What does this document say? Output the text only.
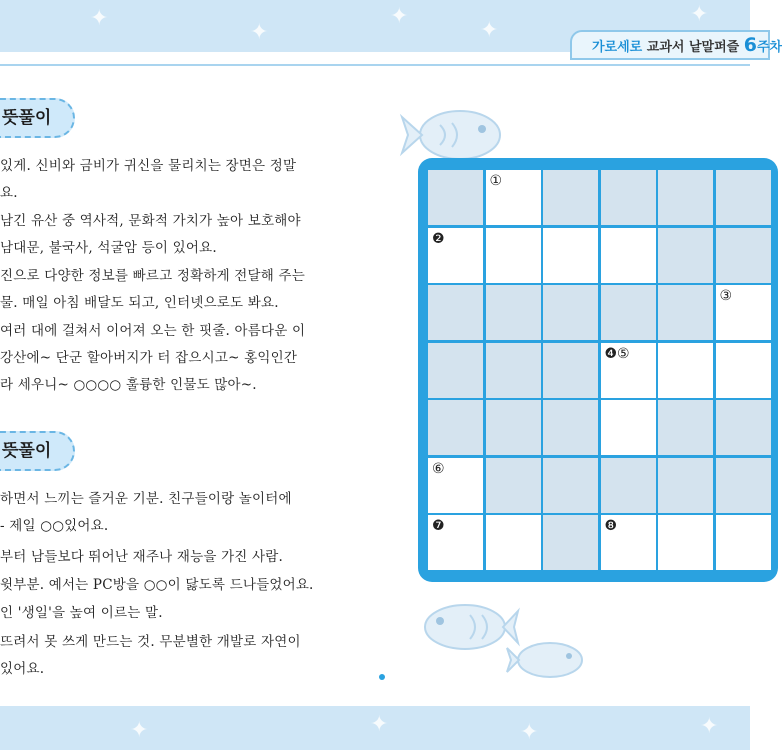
✦
✦
✦
✦
✦
가로세로 교과서 낱말퍼즐 6주차
뜻풀이
있게. 신비와 금비가 귀신을 물리치는 장면은 정말
요.
남긴 유산 중 역사적, 문화적 가치가 높아 보호해야
남대문, 불국사, 석굴암 등이 있어요.
진으로 다양한 정보를 빠르고 정확하게 전달해 주는
물. 매일 아침 배달도 되고, 인터넷으로도 봐요.
여러 대에 걸쳐서 이어져 오는 한 핏줄. 아름다운 이
강산에~ 단군 할아버지가 터 잡으시고~ 홍익인간
라 세우니~ ○○○○ 훌륭한 인물도 많아~.
뜻풀이
하면서 느끼는 즐거운 기분. 친구들이랑 놀이터에
- 제일 ○○있어요.
부터 남들보다 뛰어난 재주나 재능을 가진 사람.
윗부분. 예서는 PC방을 ○○이 닳도록 드나들었어요.
인 '생일'을 높여 이르는 말.
뜨려서 못 쓰게 만드는 것. 무분별한 개발로 자연이
있어요.
①
❷
③
❹⑤
⑥
❼	❽
✦	✦	✦	✦
